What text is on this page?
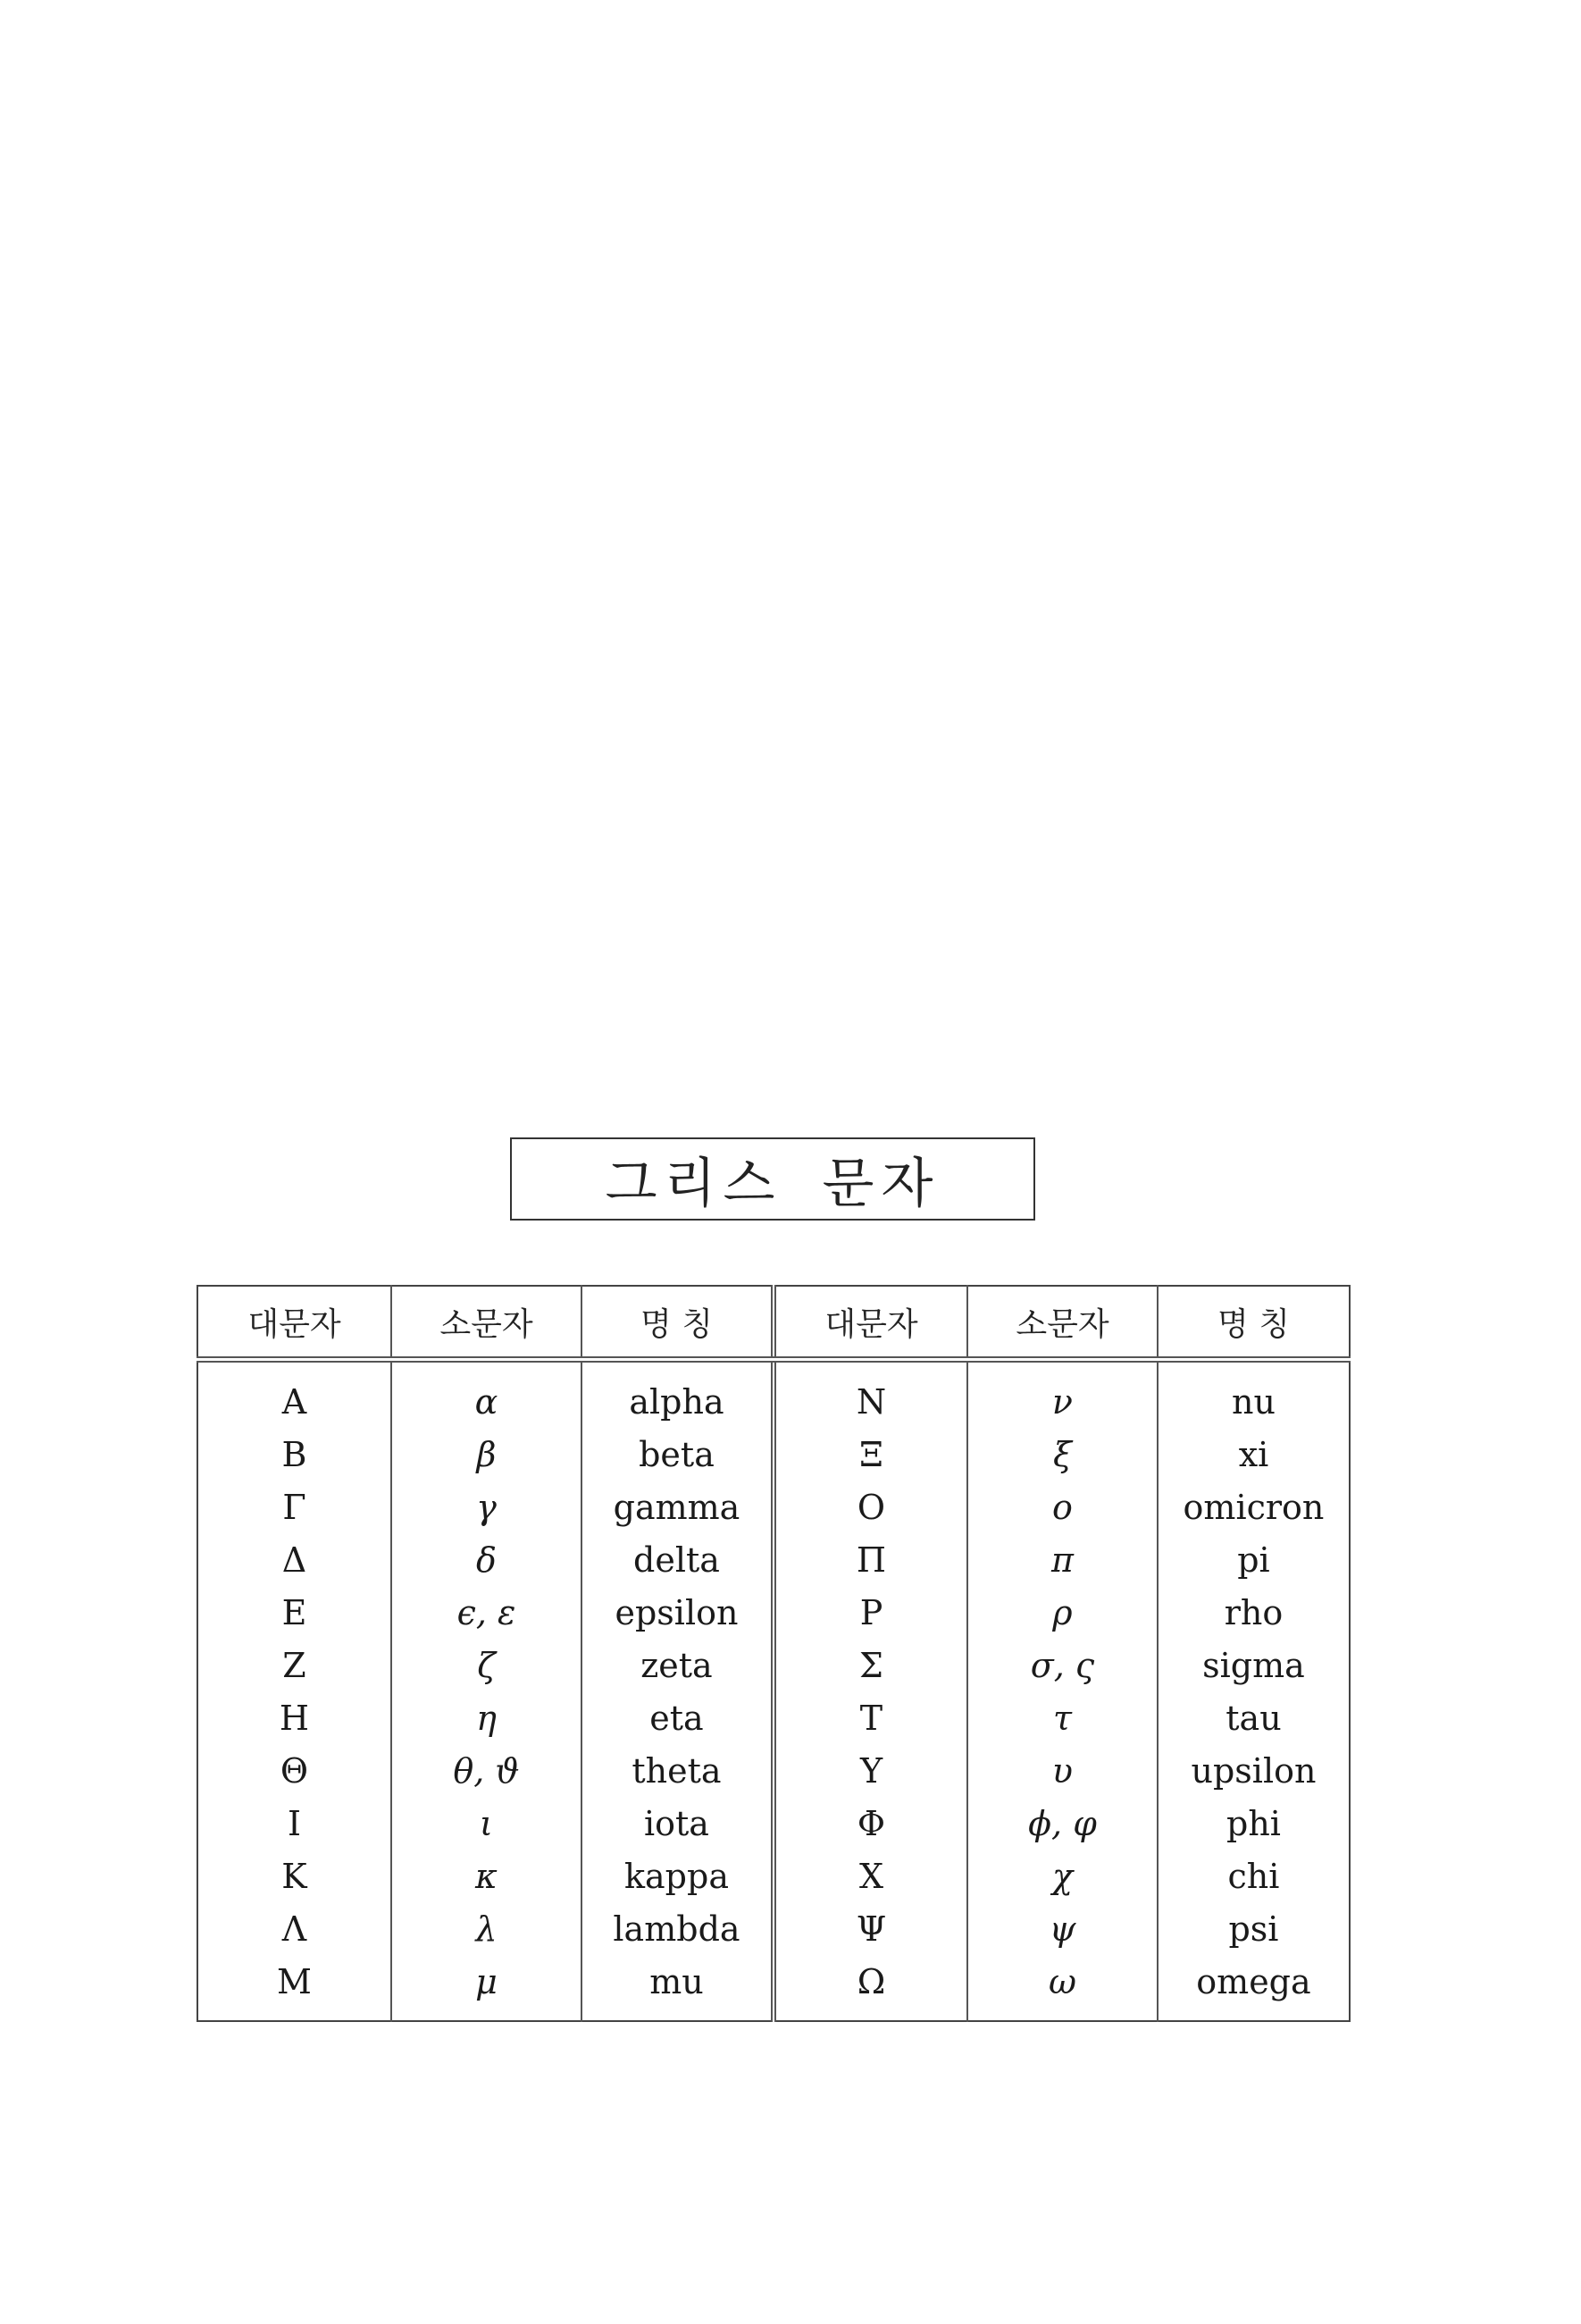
그리스 문자
대문자	소문자	명 칭	대문자	소문자	명 칭
A	α	alpha	N	ν	nu
B	β	beta	Ξ	ξ	xi
Γ	γ	gamma	O	o	omicron
Δ	δ	delta	Π	π	pi
E	ϵ, ε	epsilon	P	ρ	rho
Z	ζ	zeta	Σ	σ, ς	sigma
H	η	eta	T	τ	tau
Θ	θ, ϑ	theta	Υ	υ	upsilon
I	ι	iota	Φ	ϕ, φ	phi
K	κ	kappa	X	χ	chi
Λ	λ	lambda	Ψ	ψ	psi
M	μ	mu	Ω	ω	omega
